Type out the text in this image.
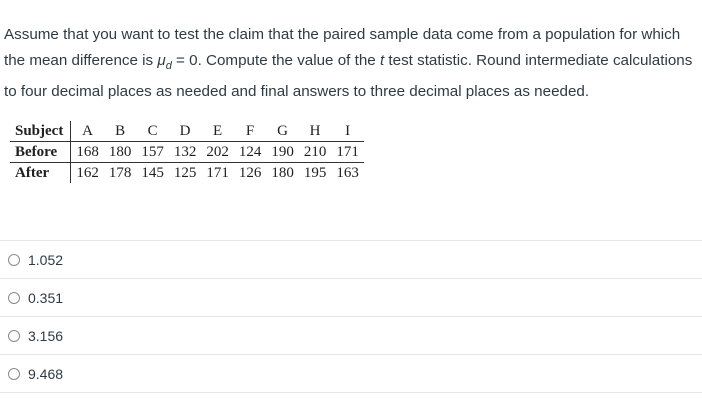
Assume that you want to test the claim that the paired sample data come from a population for which the mean difference is $\mu_d = 0$. Compute the value of the t test statistic. Round intermediate calculations to four decimal places as needed and final answers to three decimal places as needed.
Subject	A	B	C	D	E	F	G	H	I
Before	168	180	157	132	202	124	190	210	171
After	162	178	145	125	171	126	180	195	163
1.052
0.351
3.156
9.468
